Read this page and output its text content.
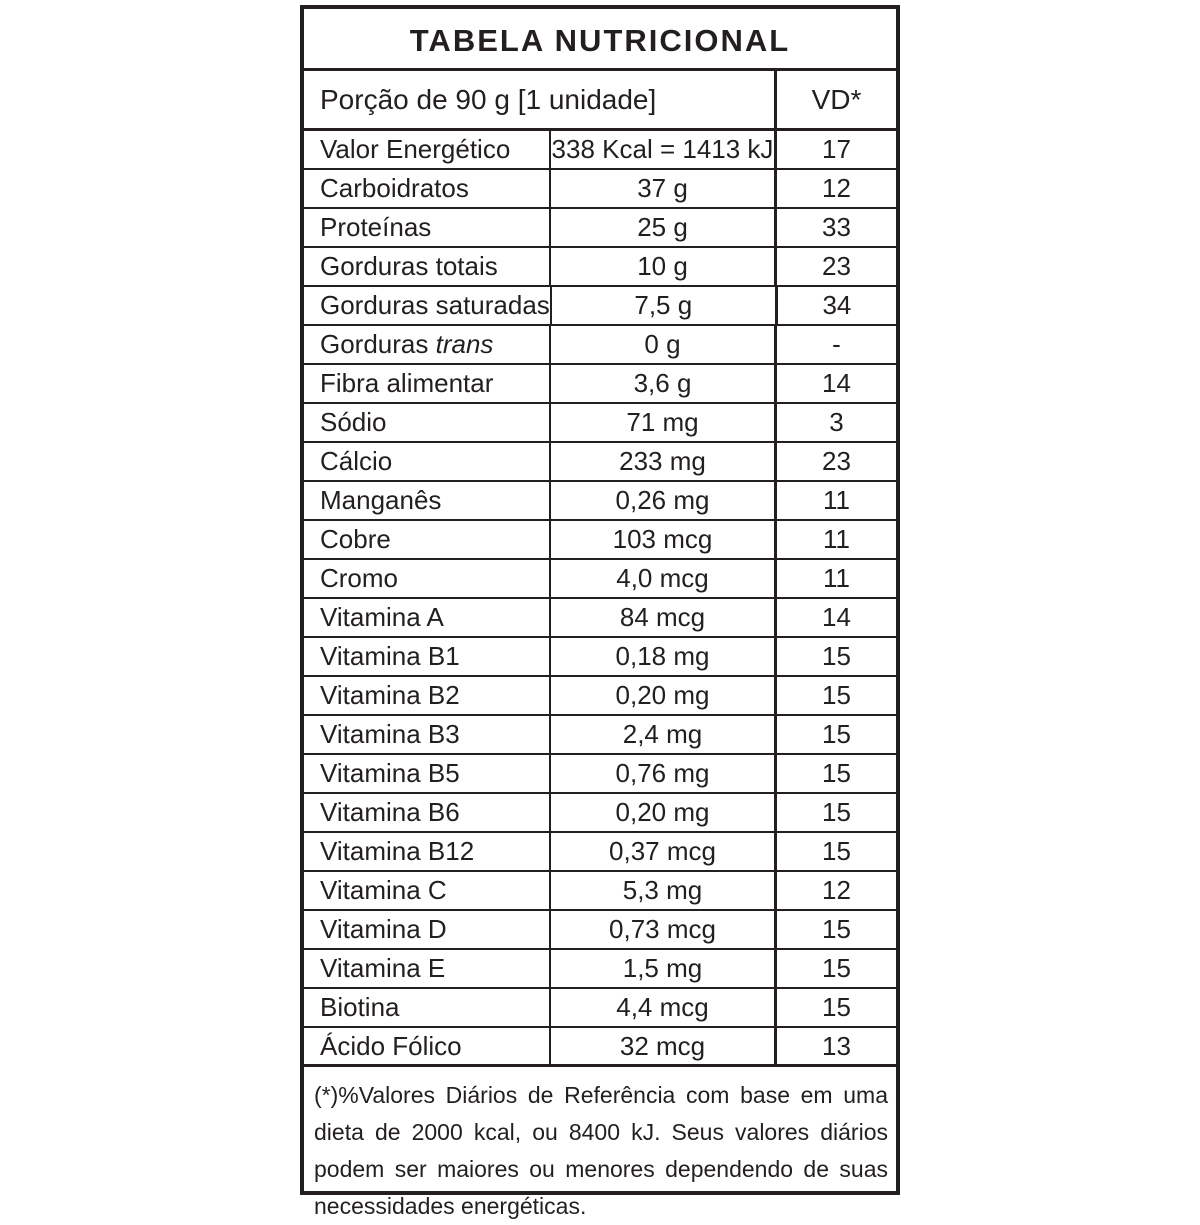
TABELA NUTRICIONAL
Porção de 90 g [1 unidade]	VD*
Valor Energético	338 Kcal = 1413 kJ	17
Carboidratos	37 g	12
Proteínas	25 g	33
Gorduras totais	10 g	23
Gorduras saturadas	7,5 g	34
Gorduras trans	0 g	-
Fibra alimentar	3,6 g	14
Sódio	71 mg	3
Cálcio	233 mg	23
Manganês	0,26 mg	11
Cobre	103 mcg	11
Cromo	4,0 mcg	11
Vitamina A	84 mcg	14
Vitamina B1	0,18 mg	15
Vitamina B2	0,20 mg	15
Vitamina B3	2,4 mg	15
Vitamina B5	0,76 mg	15
Vitamina B6	0,20 mg	15
Vitamina B12	0,37 mcg	15
Vitamina C	5,3 mg	12
Vitamina D	0,73 mcg	15
Vitamina E	1,5 mg	15
Biotina	4,4 mcg	15
Ácido Fólico	32 mcg	13
(*)%Valores Diários de Referência com base em uma dieta de 2000 kcal, ou 8400 kJ. Seus valores diários podem ser maiores ou menores dependendo de suas necessidades energéticas.
